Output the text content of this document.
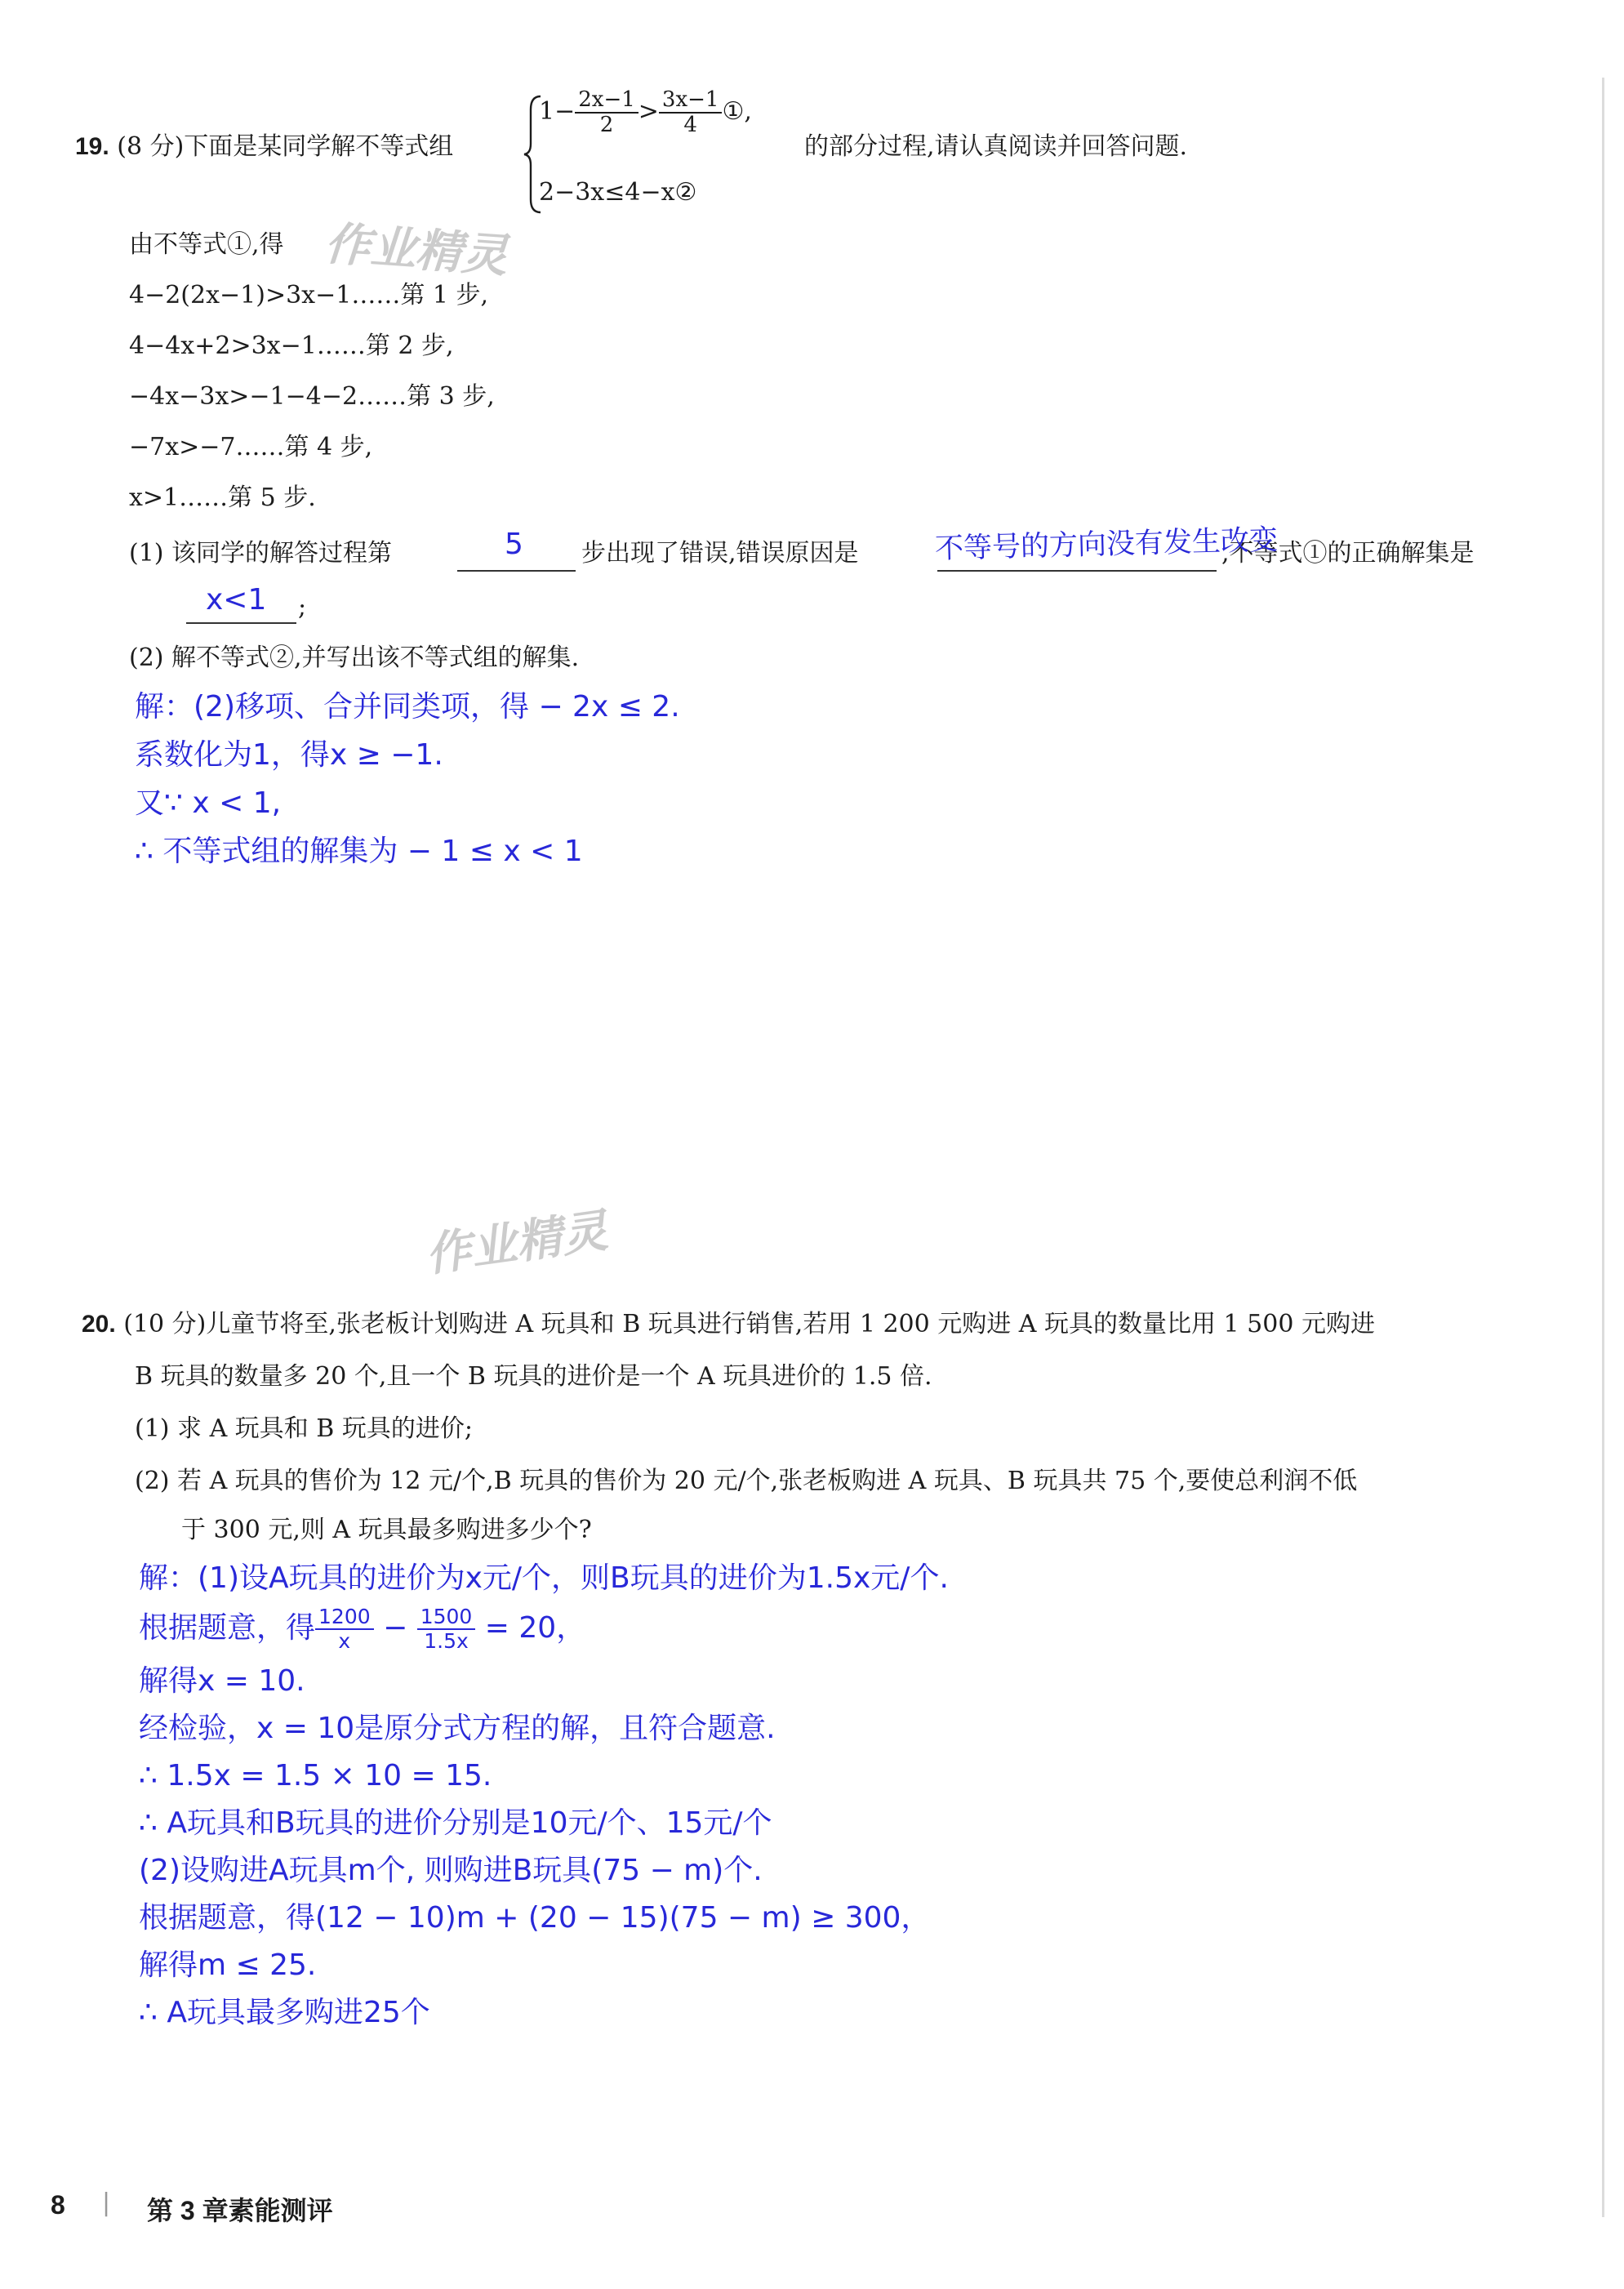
19. (8 分)下面是某同学解不等式组
$1- \frac{2x-1}{2} > \frac{3x-1}{4}$ ①,
的部分过程,请认真阅读并回答问题.
2−3x≤4−x②
由不等式①,得
4−2(2x−1)>3x−1……第 1 步,
4−4x+2>3x−1……第 2 步,
−4x−3x>−1−4−2……第 3 步,
−7x>−7……第 4 步,
x>1……第 5 步.
作业精灵
(1) 该同学的解答过程第	步出现了错误,错误原因是	,不等式①的正确解集是
;
5	不等号的方向没有发生改变
x<1
(2) 解不等式②,并写出该不等式组的解集.
解：(2)移项、合并同类项，得 − 2x ≤ 2.
系数化为1，得x ≥ −1.
又∵ x < 1,
∴ 不等式组的解集为 − 1 ≤ x < 1
作业精灵
20. (10 分)儿童节将至,张老板计划购进 A 玩具和 B 玩具进行销售,若用 1 200 元购进 A 玩具的数量比用 1 500 元购进
B 玩具的数量多 20 个,且一个 B 玩具的进价是一个 A 玩具进价的 1.5 倍.
(1) 求 A 玩具和 B 玩具的进价;
(2) 若 A 玩具的售价为 12 元/个,B 玩具的售价为 20 元/个,张老板购进 A 玩具、B 玩具共 75 个,要使总利润不低
于 300 元,则 A 玩具最多购进多少个?
解：(1)设A玩具的进价为x元/个，则B玩具的进价为1.5x元/个.
根据题意，得 $\frac{1200}{x} - \frac{1500}{1.5x} = 20$，
解得x = 10.
经检验，x = 10是原分式方程的解，且符合题意.
∴ 1.5x = 1.5 × 10 = 15.
∴ A玩具和B玩具的进价分别是10元/个、15元/个
(2)设购进A玩具m个, 则购进B玩具(75 − m)个.
根据题意，得(12 − 10)m + (20 − 15)(75 − m) ≥ 300，
解得m ≤ 25.
∴ A玩具最多购进25个
8 | 第 3 章素能测评
